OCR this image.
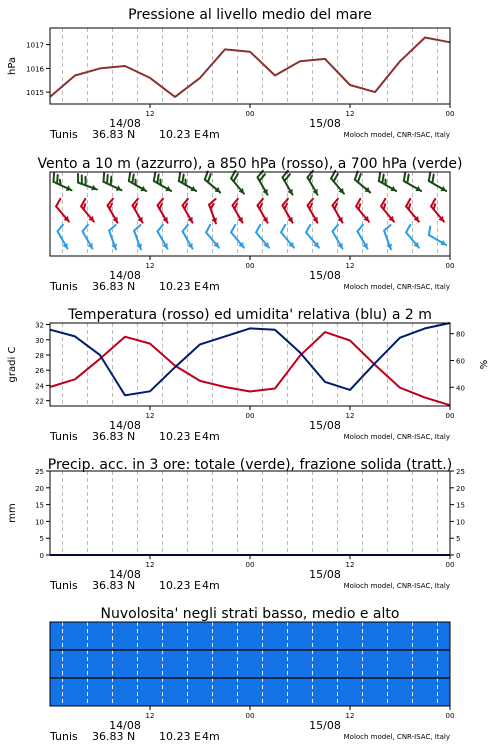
Pressione al livello medio del mare
1015
1016
1017
hPa
12	00	12	00
14/08	15/08
Tunis 36.83 N 10.23 E 4m	Moloch model, CNR-ISAC, Italy
Vento a 10 m (azzurro), a 850 hPa (rosso), a 700 hPa (verde)
12	00	12	00
14/08	15/08
Tunis 36.83 N 10.23 E 4m	Moloch model, CNR-ISAC, Italy
Temperatura (rosso) ed umidita' relativa (blu) a 2 m
22
24
26
28
30
32
40
60
80
gradi C	%
12	00	12	00
14/08	15/08
Tunis 36.83 N 10.23 E 4m	Moloch model, CNR-ISAC, Italy
Precip. acc. in 3 ore: totale (verde), frazione solida (tratt.)
0	0
5	5
10	10
15	15
20	20
25	25
mm
12	00	12	00
14/08	15/08
Tunis 36.83 N 10.23 E 4m	Moloch model, CNR-ISAC, Italy
Nuvolosita' negli strati basso, medio e alto
12	00	12	00
14/08	15/08
Tunis 36.83 N 10.23 E 4m	Moloch model, CNR-ISAC, Italy
